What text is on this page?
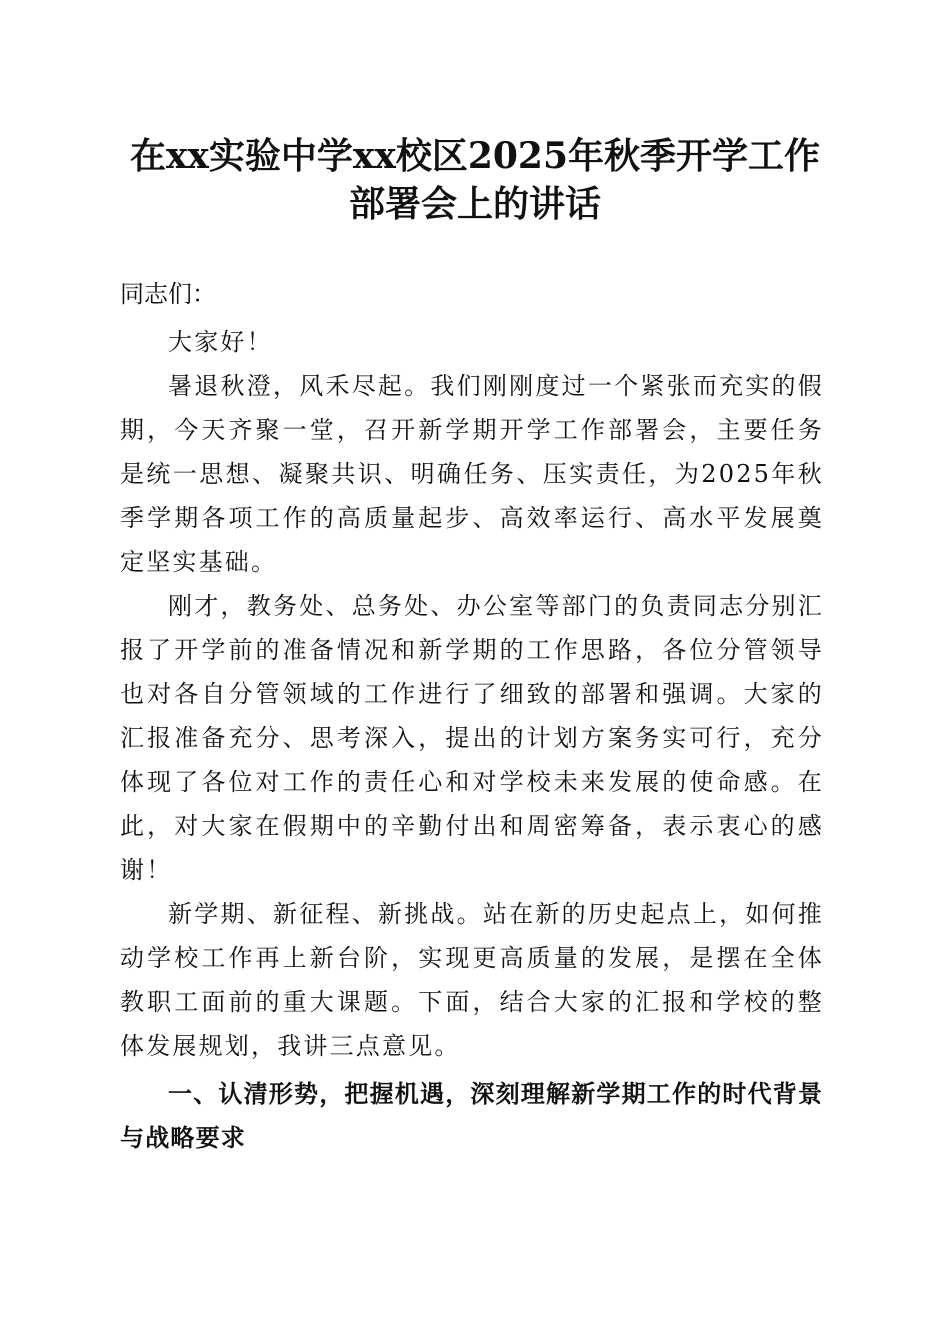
在xx实验中学xx校区2025年秋季开学工作
部署会上的讲话

同志们：

大家好！

暑退秋澄，风禾尽起。我们刚刚度过一个紧张而充实的假期，今天齐聚一堂，召开新学期开学工作部署会，主要任务是统一思想、凝聚共识、明确任务、压实责任，为2025年秋季学期各项工作的高质量起步、高效率运行、高水平发展奠定坚实基础。

刚才，教务处、总务处、办公室等部门的负责同志分别汇报了开学前的准备情况和新学期的工作思路，各位分管领导也对各自分管领域的工作进行了细致的部署和强调。大家的汇报准备充分、思考深入，提出的计划方案务实可行，充分体现了各位对工作的责任心和对学校未来发展的使命感。在此，对大家在假期中的辛勤付出和周密筹备，表示衷心的感谢！

新学期、新征程、新挑战。站在新的历史起点上，如何推动学校工作再上新台阶，实现更高质量的发展，是摆在全体教职工面前的重大课题。下面，结合大家的汇报和学校的整体发展规划，我讲三点意见。

一、认清形势，把握机遇，深刻理解新学期工作的时代背景与战略要求
